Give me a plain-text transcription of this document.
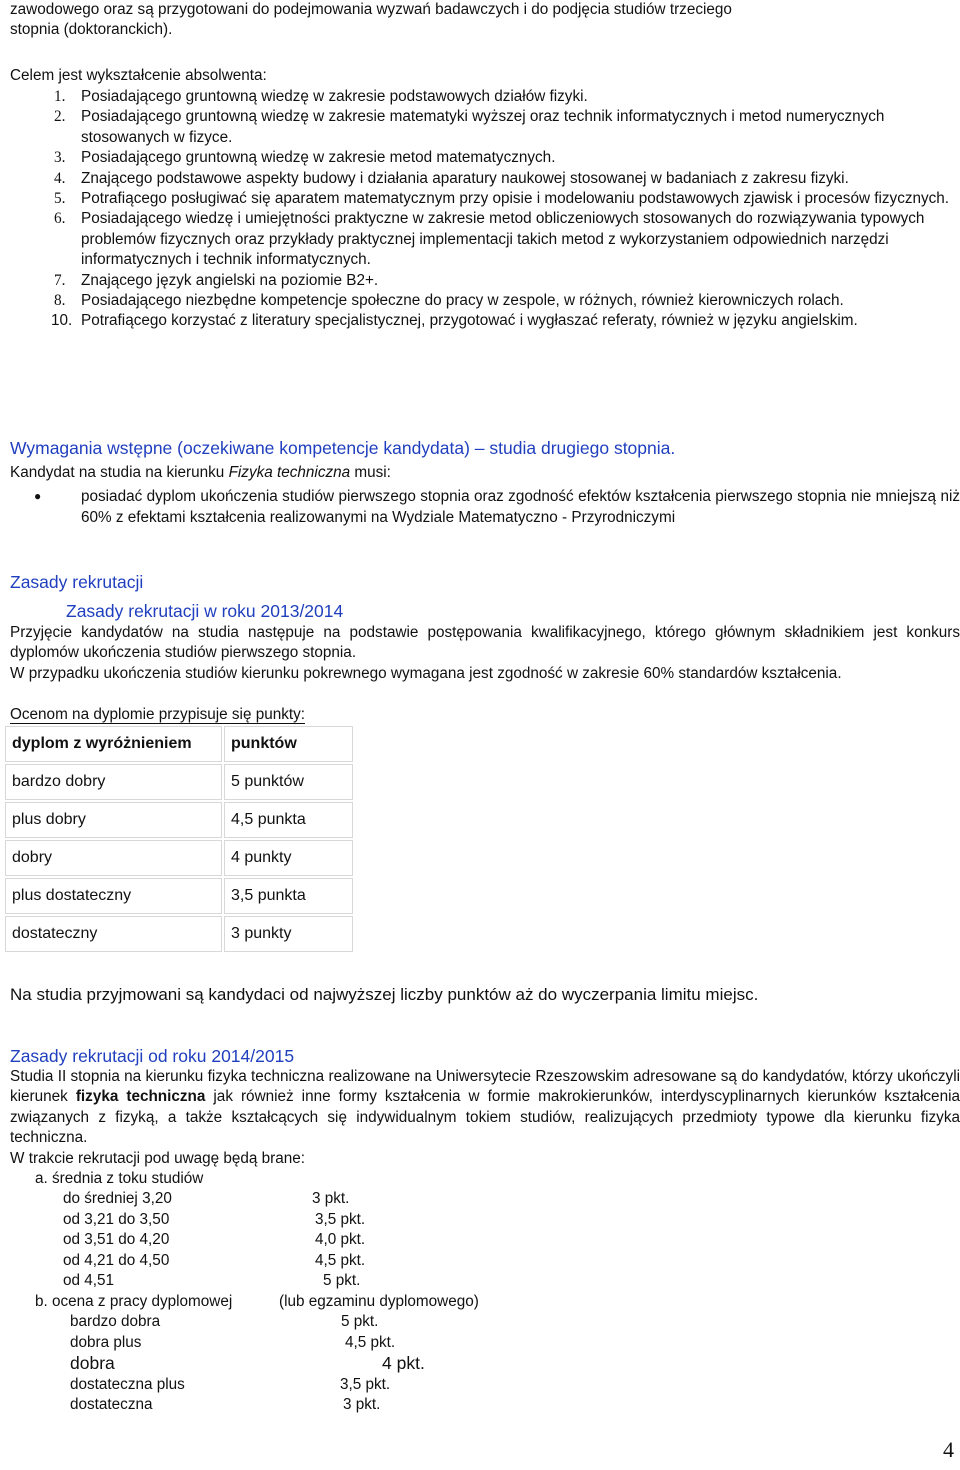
zawodowego oraz są przygotowani do podejmowania wyzwań badawczych i do podjęcia studiów trzeciego
stopnia (doktoranckich).
Celem jest wykształcenie absolwenta:
1. Posiadającego gruntowną wiedzę w zakresie podstawowych działów fizyki.
2. Posiadającego gruntowną wiedzę w zakresie matematyki wyższej oraz technik informatycznych i metod numerycznych stosowanych w fizyce.
3. Posiadającego gruntowną wiedzę w zakresie metod matematycznych.
4. Znającego podstawowe aspekty budowy i działania aparatury naukowej stosowanej w badaniach z zakresu fizyki.
5. Potrafiącego posługiwać się aparatem matematycznym przy opisie i modelowaniu podstawowych zjawisk i procesów fizycznych.
6. Posiadającego wiedzę i umiejętności praktyczne w zakresie metod obliczeniowych stosowanych do rozwiązywania typowych problemów fizycznych oraz przykłady praktycznej implementacji takich metod z wykorzystaniem odpowiednich narzędzi informatycznych i technik informatycznych.
7. Znającego język angielski na poziomie B2+.
8. Posiadającego niezbędne kompetencje społeczne do pracy w zespole, w różnych, również kierowniczych rolach.
10. Potrafiącego korzystać z literatury specjalistycznej, przygotować i wygłaszać referaty, również w języku angielskim.
Wymagania wstępne (oczekiwane kompetencje kandydata) – studia drugiego stopnia.
Kandydat na studia na kierunku Fizyka techniczna musi:
●	posiadać dyplom ukończenia studiów pierwszego stopnia oraz zgodność efektów kształcenia pierwszego stopnia nie mniejszą niż 60% z efektami kształcenia realizowanymi na Wydziale Matematyczno - Przyrodniczymi
Zasady rekrutacji
Zasady rekrutacji w roku 2013/2014
Przyjęcie kandydatów na studia następuje na podstawie postępowania kwalifikacyjnego, którego głównym składnikiem jest konkurs dyplomów ukończenia studiów pierwszego stopnia.
W przypadku ukończenia studiów kierunku pokrewnego wymagana jest zgodność w zakresie 60% standardów kształcenia.
Ocenom na dyplomie przypisuje się punkty:
dyplom z wyróżnieniem	punktów
bardzo dobry	5 punktów
plus dobry	4,5 punkta
dobry	4 punkty
plus dostateczny	3,5 punkta
dostateczny	3 punkty
Na studia przyjmowani są kandydaci od najwyższej liczby punktów aż do wyczerpania limitu miejsc.
Zasady rekrutacji od roku 2014/2015
Studia II stopnia na kierunku fizyka techniczna realizowane na Uniwersytecie Rzeszowskim adresowane są do kandydatów, którzy ukończyli kierunek fizyka techniczna jak również inne formy kształcenia w formie makrokierunków, interdyscyplinarnych kierunków kształcenia związanych z fizyką, a także kształcących się indywidualnym tokiem studiów, realizujących przedmioty typowe dla kierunku fizyka techniczna.
W trakcie rekrutacji pod uwagę będą brane:
a. średnia z toku studiów
do średniej 3,20	3 pkt.
od 3,21 do 3,50	3,5 pkt.
od 3,51 do 4,20	4,0 pkt.
od 4,21 do 4,50	4,5 pkt.
od 4,51	5 pkt.
b. ocena z pracy dyplomowej	(lub egzaminu dyplomowego)
bardzo dobra	5 pkt.
dobra plus	4,5 pkt.
dobra	4 pkt.
dostateczna plus	3,5 pkt.
dostateczna	3 pkt.
4
